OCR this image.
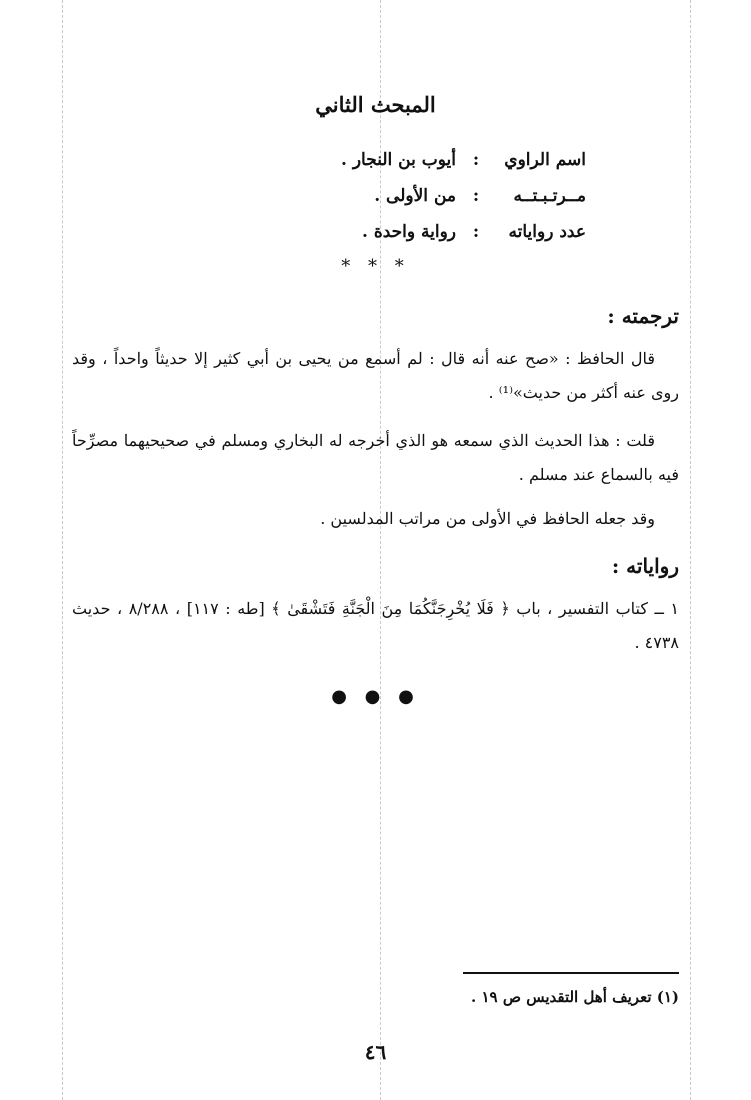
المبحث الثاني
اسم الراوي:أيوب بن النجار .
مــرتـبـتــه:من الأولى .
عدد رواياته:رواية واحدة .
* * *
ترجمته :
قال الحافظ : «صح عنه أنه قال : لم أسمع من يحيى بن أبي كثير إلا حديثاً واحداً ، وقد روى عنه أكثر من حديث»⁽¹⁾ .
قلت : هذا الحديث الذي سمعه هو الذي أخرجه له البخاري ومسلم في صحيحيهما مصرِّحاً فيه بالسماع عند مسلم .
وقد جعله الحافظ في الأولى من مراتب المدلسين .
رواياته :
١ ــ كتاب التفسير ، باب ﴿ فَلَا يُخْرِجَنَّكُمَا مِنَ الْجَنَّةِ فَتَشْقَىٰ ﴾ [طه : ١١٧] ، ٨/٢٨٨ ، حديث ٤٧٣٨ .
● ● ●
(١) تعريف أهل التقديس ص ١٩ .
٤٦
